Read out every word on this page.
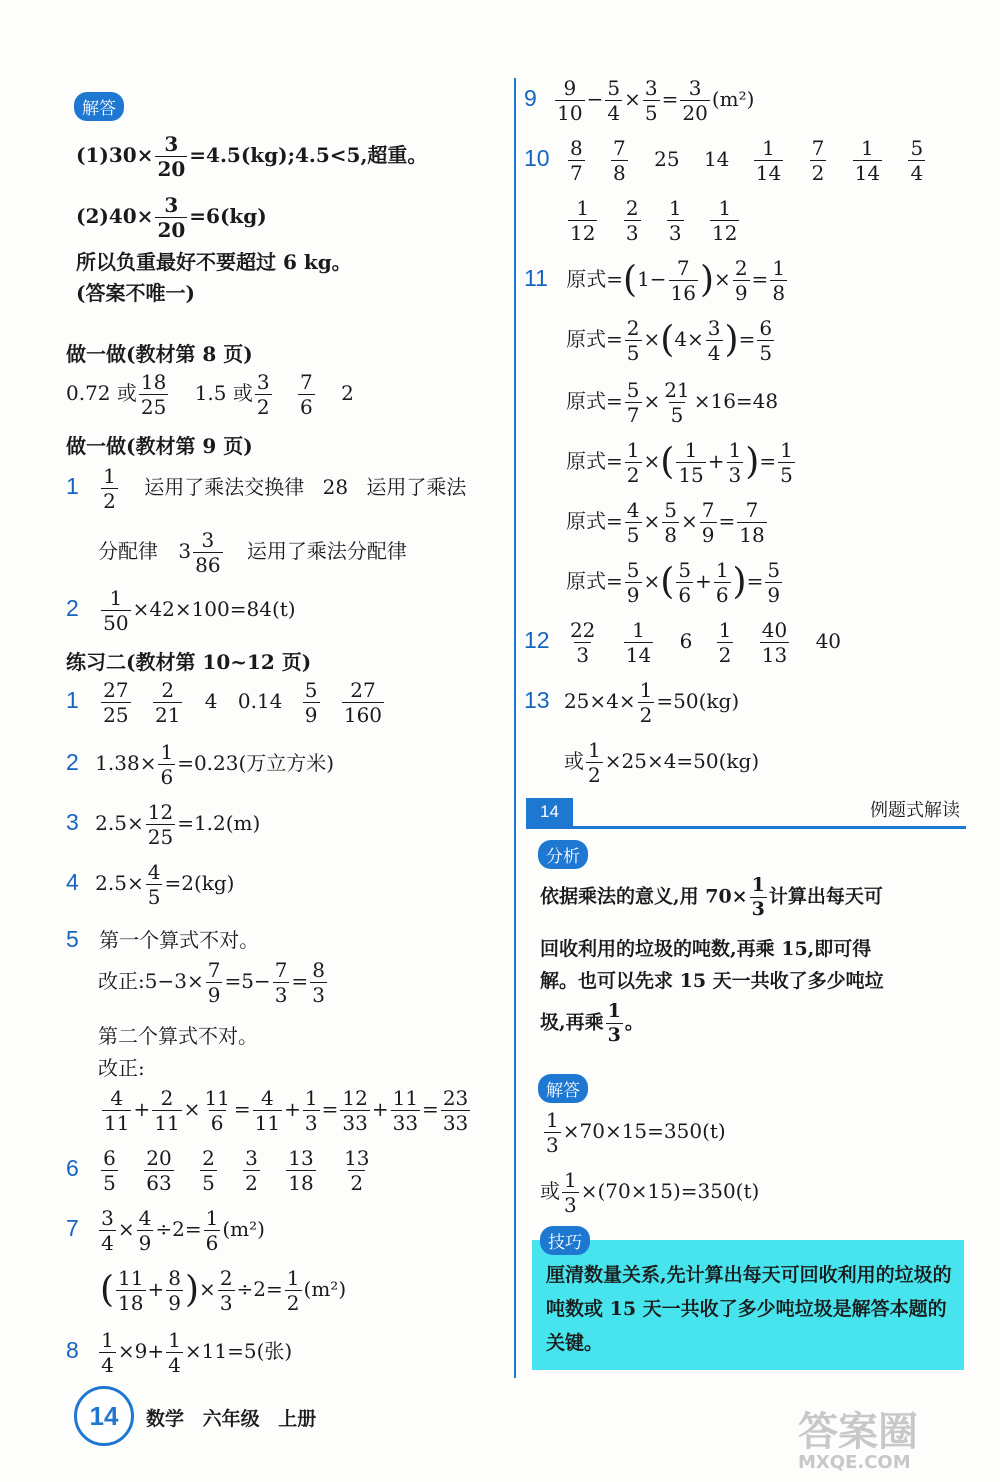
解答
$(1)30\times \frac{3}{20}$ =4.5(kg);4.5<5,超重。
$(2)40\times \frac{3}{20} =6(kg)$
所以负重最好不要超过 6 kg。
(答案不唯一)
做一做(教材第 8 页)
0.72 或 $\frac{18}{25} 1.5$ 或 $\frac{3}{2}$
$\frac{7}{6} 2$
做一做(教材第 9 页)
$1 \frac{1}{2}$ 运用了乘法交换律 28 运用了乘法
分配律 $3 \frac{3}{86}$ 运用了乘法分配律
$2 \frac{1}{50} \times 42\times 100=84(t)$
练习二(教材第 10~12 页)
$1 \frac{27}{25}$
$\frac{2}{21} 4$ $0.14 \frac{5}{9}$
$\frac{27}{160}$
2 $1.38\times \frac{1}{6} =0.23$(万立方米)
3 $2.5\times \frac{12}{25} =1.2(m)$
4 $2.5\times \frac{4}{5} =2(kg)$
5 第一个算式不对。
改正:5−3× $\frac{7}{9} =5- \frac{7}{3} = \frac{8}{3}$
第二个算式不对。
改正:
$\frac{4}{11} + \frac{2}{11} \times \frac{11}{6} = \frac{4}{11} + \frac{1}{3} = \frac{12}{33} + \frac{11}{33} = \frac{23}{33}$
$6 \frac{6}{5}$
$\frac{20}{63}$
$\frac{2}{5}$
$\frac{3}{2}$
$\frac{13}{18}$
$\frac{13}{2}$
$7 \frac{3}{4} \times \frac{4}{9} \div 2= \frac{1}{6} (m^2)$
( $\frac{11}{18} + \frac{8}{9}$ )× $\frac{2}{3} \div 2= \frac{1}{2} (m^2)$
$8 \frac{1}{4} \times 9+ \frac{1}{4} \times 11=5$(张)
$9 \frac{9}{10} - \frac{5}{4} \times \frac{3}{5} = \frac{3}{20} (m^2)$
$10 \frac{8}{7}$
$\frac{7}{8} 25$ $14 \frac{1}{14}$
$\frac{7}{2}$
$\frac{1}{14}$
$\frac{5}{4}$
$\frac{1}{12}$
$\frac{2}{3}$
$\frac{1}{3}$
$\frac{1}{12}$
11 原式$=(1- \frac{7}{16}$ )× $\frac{2}{9} = \frac{1}{8}$
原式= $\frac{2}{5} \times(4\times \frac{3}{4}$ )= $\frac{6}{5}$
原式= $\frac{5}{7} \times \frac{21}{5} \times 16=48$
原式= $\frac{1}{2}$ ×( $\frac{1}{15} + \frac{1}{3}$ )= $\frac{1}{5}$
原式= $\frac{4}{5} \times \frac{5}{8} \times \frac{7}{9} = \frac{7}{18}$
原式= $\frac{5}{9}$ ×( $\frac{5}{6} + \frac{1}{6}$ )= $\frac{5}{9}$
$12 \frac{22}{3}$
$\frac{1}{14} 6 \frac{1}{2}$
$\frac{40}{13} 40$
13 $25\times 4\times \frac{1}{2} =50(kg)$
或 $\frac{1}{2} \times 25\times 4=50(kg)$
14	例题式解读
分析
依据乘法的意义,用 $70\times \frac{1}{3}$ 计算出每天可
回收利用的垃圾的吨数,再乘 15,即可得
解。也可以先求 15 天一共收了多少吨垃
圾,再乘 $\frac{1}{3}$ 。
解答
$\frac{1}{3} \times 70\times 15=350(t)$
或 $\frac{1}{3} \times(70\times 15)=350(t)$
技巧
厘清数量关系,先计算出每天可回收利用的垃圾的吨数或 15 天一共收了多少吨垃圾是解答本题的关键。
14	数学 六年级 上册	答案圈
MXQE.COM
